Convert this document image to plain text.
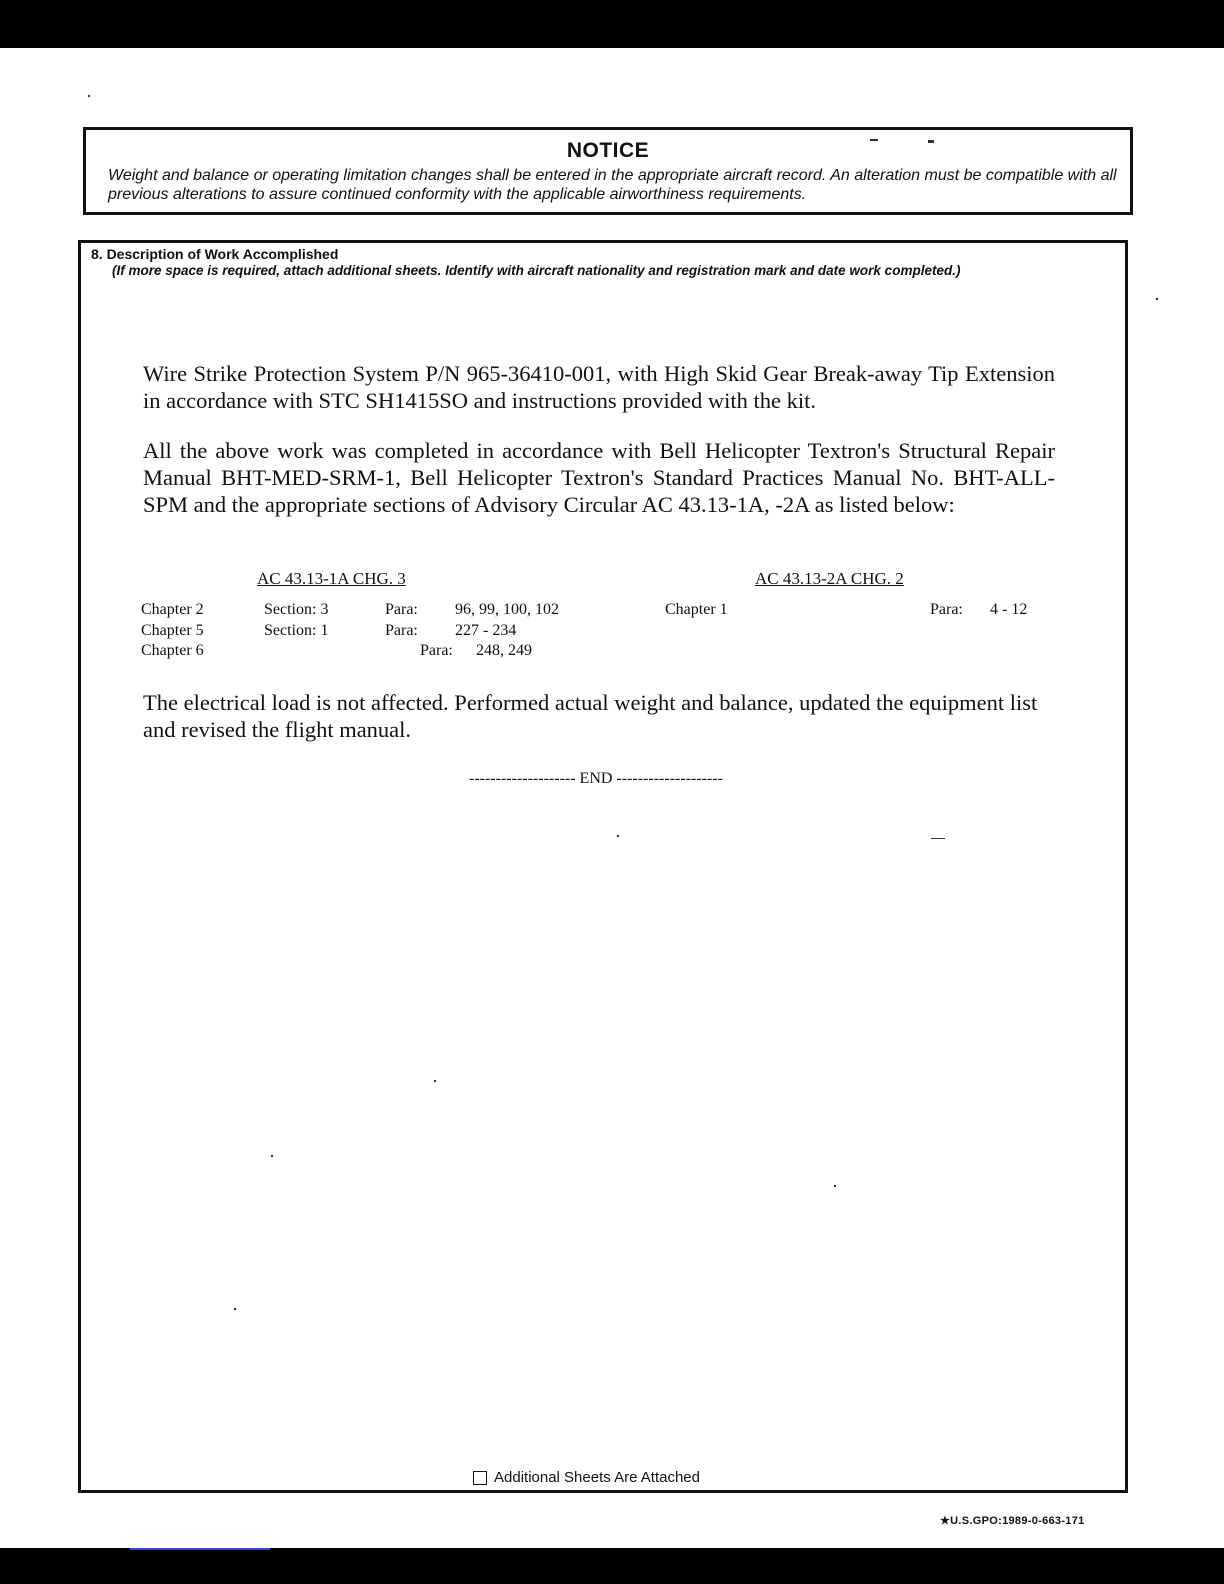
NOTICE
Weight and balance or operating limitation changes shall be entered in the appropriate aircraft record. An alteration must be compatible with all previous alterations to assure continued conformity with the applicable airworthiness requirements.
8. Description of Work Accomplished
(If more space is required, attach additional sheets. Identify with aircraft nationality and registration mark and date work completed.)
Wire Strike Protection System P/N 965-36410-001, with High Skid Gear Break-away Tip Extension in accordance with STC SH1415SO and instructions provided with the kit.
All the above work was completed in accordance with Bell Helicopter Textron's Structural Repair Manual BHT-MED-SRM-1, Bell Helicopter Textron's Standard Practices Manual No. BHT-ALL-SPM and the appropriate sections of Advisory Circular AC 43.13-1A, -2A as listed below:
AC 43.13-1A CHG. 3
Chapter 2	Section: 3	Para: 96, 99, 100, 102
Chapter 5	Section: 1	Para: 227 - 234
Chapter 6	Para: 248, 249
AC 43.13-2A CHG. 2
Chapter 1	Para: 4 - 12
The electrical load is not affected. Performed actual weight and balance, updated the equipment list and revised the flight manual.
-------------------- END --------------------
Additional Sheets Are Attached
★U.S.GPO:1989-0-663-171
